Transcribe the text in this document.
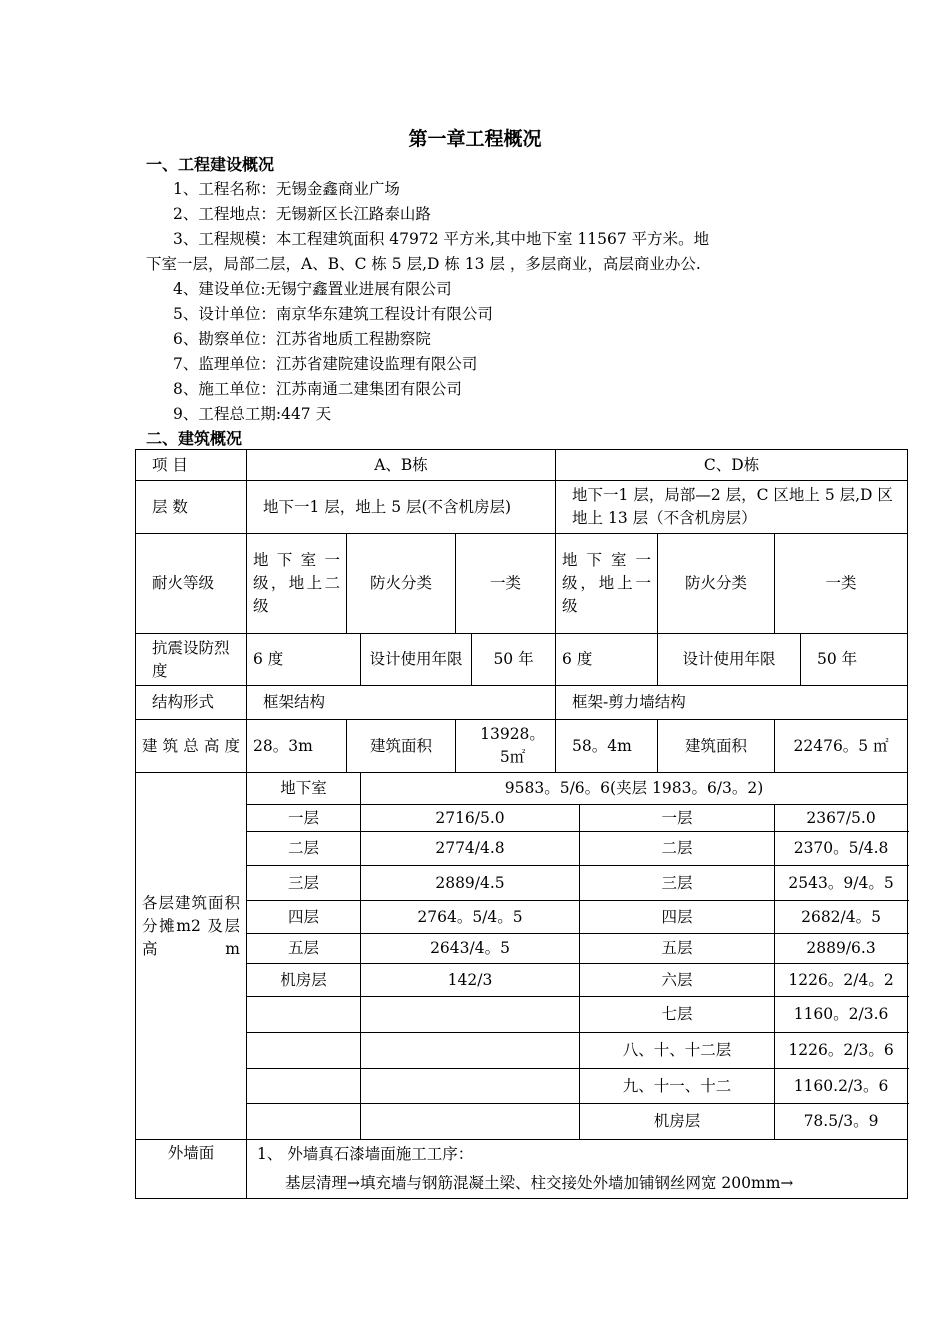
第一章工程概况
一、工程建设概况
1、工程名称：无锡金鑫商业广场
2、工程地点：无锡新区长江路泰山路
3、工程规模：本工程建筑面积 47972 平方米,其中地下室 11567 平方米。地
下室一层，局部二层，A、B、C 栋 5 层,D 栋 13 层 ，多层商业，高层商业办公.
4、建设单位:无锡宁鑫置业进展有限公司
5、设计单位：南京华东建筑工程设计有限公司
6、勘察单位：江苏省地质工程勘察院
7、监理单位：江苏省建院建设监理有限公司
8、施工单位：江苏南通二建集团有限公司
9、工程总工期:447 天
二、建筑概况
项 目	A、B栋					C、D栋				
层 数	地下一1 层，地上 5 层(不含机房层)					地下一1 层，局部—2 层，C 区地上 5 层,D 区地上 13 层（不含机房层）				
耐火等级	地下室一级，地上二级	防火分类		一类		地下室一级，地上一级		防火分类	一类	
抗震设防烈度	6 度		设计使用年限		50 年	6 度		设计使用年限		50 年
结构形式	框架结构					框架-剪力墙结构				
建筑总高度	28。3m	建筑面积		13928。5㎡		58。4m		建筑面积	22476。5 ㎡	
各层建筑面积分摊m2 及层高m	地下室		9583。5/6。6(夹层 1983。6/3。2)							
	一层		2716/5.0				一层		2367/5.0	
	二层		2774/4.8				二层		2370。5/4.8	
	三层		2889/4.5				三层		2543。9/4。5	
	四层		2764。5/4。5				四层		2682/4。5	
	五层		2643/4。5				五层		2889/6.3	
	机房层		142/3				六层		1226。2/4。2	
							七层		1160。2/3.6	
							八、十、十二层		1226。2/3。6	
							九、十一、十二		1160.2/3。6	
							机房层		78.5/3。9	
外墙面	1、 外墙真石漆墙面施工工序：									
	基层清理→填充墙与钢筋混凝土梁、柱交接处外墙加铺钢丝网宽 200mm→									
